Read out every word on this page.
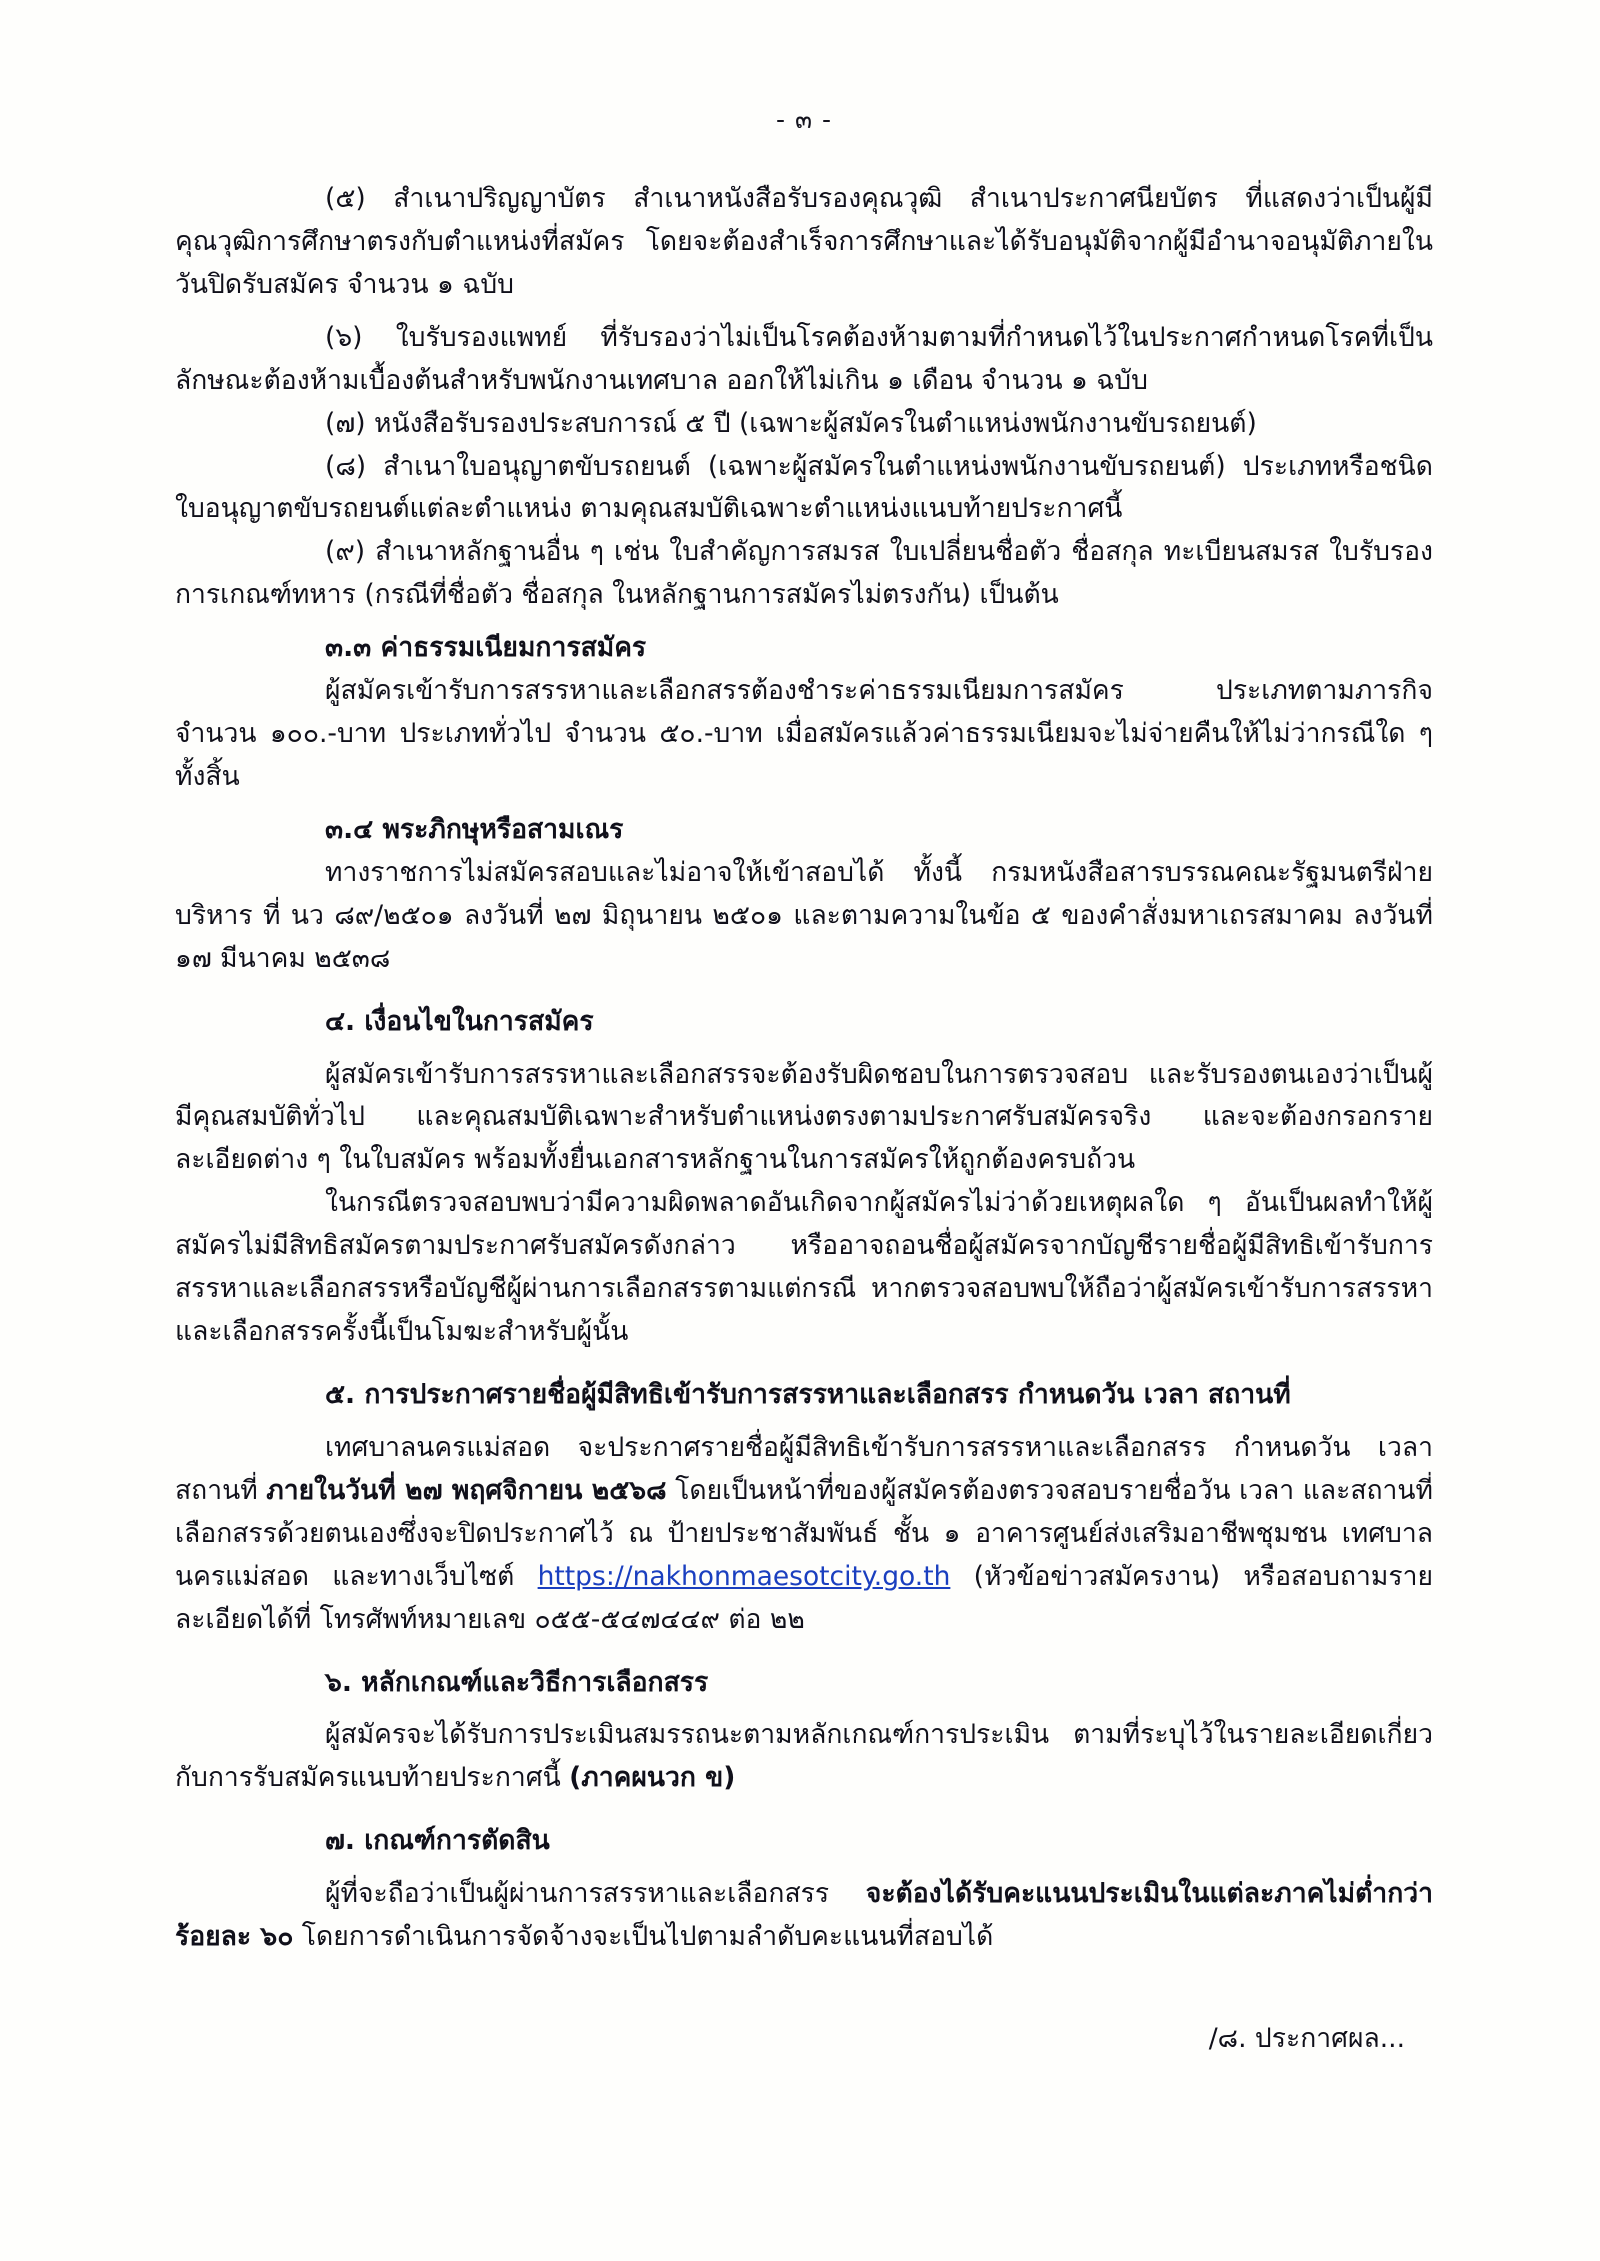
- ๓ -

(๕) สำเนาปริญญาบัตร สำเนาหนังสือรับรองคุณวุฒิ สำเนาประกาศนียบัตร ที่แสดงว่าเป็นผู้มีคุณวุฒิการศึกษาตรงกับตำแหน่งที่สมัคร โดยจะต้องสำเร็จการศึกษาและได้รับอนุมัติจากผู้มีอำนาจอนุมัติภายในวันปิดรับสมัคร จำนวน ๑ ฉบับ

(๖) ใบรับรองแพทย์ ที่รับรองว่าไม่เป็นโรคต้องห้ามตามที่กำหนดไว้ในประกาศกำหนดโรคที่เป็นลักษณะต้องห้ามเบื้องต้นสำหรับพนักงานเทศบาล ออกให้ไม่เกิน ๑ เดือน จำนวน ๑ ฉบับ

(๗) หนังสือรับรองประสบการณ์ ๕ ปี (เฉพาะผู้สมัครในตำแหน่งพนักงานขับรถยนต์)

(๘) สำเนาใบอนุญาตขับรถยนต์ (เฉพาะผู้สมัครในตำแหน่งพนักงานขับรถยนต์) ประเภทหรือชนิดใบอนุญาตขับรถยนต์แต่ละตำแหน่ง ตามคุณสมบัติเฉพาะตำแหน่งแนบท้ายประกาศนี้

(๙) สำเนาหลักฐานอื่น ๆ เช่น ใบสำคัญการสมรส ใบเปลี่ยนชื่อตัว ชื่อสกุล ทะเบียนสมรส ใบรับรองการเกณฑ์ทหาร (กรณีที่ชื่อตัว ชื่อสกุล ในหลักฐานการสมัครไม่ตรงกัน) เป็นต้น

๓.๓ ค่าธรรมเนียมการสมัคร

ผู้สมัครเข้ารับการสรรหาและเลือกสรรต้องชำระค่าธรรมเนียมการสมัคร ประเภทตามภารกิจ จำนวน ๑๐๐.-บาท ประเภททั่วไป จำนวน ๕๐.-บาท เมื่อสมัครแล้วค่าธรรมเนียมจะไม่จ่ายคืนให้ไม่ว่ากรณีใด ๆ ทั้งสิ้น

๓.๔ พระภิกษุหรือสามเณร

ทางราชการไม่สมัครสอบและไม่อาจให้เข้าสอบได้ ทั้งนี้ กรมหนังสือสารบรรณคณะรัฐมนตรีฝ่ายบริหาร ที่ นว ๘๙/๒๕๐๑ ลงวันที่ ๒๗ มิถุนายน ๒๕๐๑ และตามความในข้อ ๕ ของคำสั่งมหาเถรสมาคม ลงวันที่ ๑๗ มีนาคม ๒๕๓๘

๔. เงื่อนไขในการสมัคร

ผู้สมัครเข้ารับการสรรหาและเลือกสรรจะต้องรับผิดชอบในการตรวจสอบ และรับรองตนเองว่าเป็นผู้มีคุณสมบัติทั่วไป และคุณสมบัติเฉพาะสำหรับตำแหน่งตรงตามประกาศรับสมัครจริง และจะต้องกรอกรายละเอียดต่าง ๆ ในใบสมัคร พร้อมทั้งยื่นเอกสารหลักฐานในการสมัครให้ถูกต้องครบถ้วน

ในกรณีตรวจสอบพบว่ามีความผิดพลาดอันเกิดจากผู้สมัครไม่ว่าด้วยเหตุผลใด ๆ อันเป็นผลทำให้ผู้สมัครไม่มีสิทธิสมัครตามประกาศรับสมัครดังกล่าว หรืออาจถอนชื่อผู้สมัครจากบัญชีรายชื่อผู้มีสิทธิเข้ารับการสรรหาและเลือกสรรหรือบัญชีผู้ผ่านการเลือกสรรตามแต่กรณี หากตรวจสอบพบให้ถือว่าผู้สมัครเข้ารับการสรรหาและเลือกสรรครั้งนี้เป็นโมฆะสำหรับผู้นั้น

๕. การประกาศรายชื่อผู้มีสิทธิเข้ารับการสรรหาและเลือกสรร กำหนดวัน เวลา สถานที่

เทศบาลนครแม่สอด จะประกาศรายชื่อผู้มีสิทธิเข้ารับการสรรหาและเลือกสรร กำหนดวัน เวลา สถานที่ ภายในวันที่ ๒๗ พฤศจิกายน ๒๕๖๘ โดยเป็นหน้าที่ของผู้สมัครต้องตรวจสอบรายชื่อวัน เวลา และสถานที่ เลือกสรรด้วยตนเองซึ่งจะปิดประกาศไว้ ณ ป้ายประชาสัมพันธ์ ชั้น ๑ อาคารศูนย์ส่งเสริมอาชีพชุมชน เทศบาลนครแม่สอด และทางเว็บไซต์ https://nakhonmaesotcity.go.th (หัวข้อข่าวสมัครงาน) หรือสอบถามรายละเอียดได้ที่ โทรศัพท์หมายเลข ๐๕๕-๕๔๗๔๔๙ ต่อ ๒๒

๖. หลักเกณฑ์และวิธีการเลือกสรร

ผู้สมัครจะได้รับการประเมินสมรรถนะตามหลักเกณฑ์การประเมิน ตามที่ระบุไว้ในรายละเอียดเกี่ยวกับการรับสมัครแนบท้ายประกาศนี้ (ภาคผนวก ข)

๗. เกณฑ์การตัดสิน

ผู้ที่จะถือว่าเป็นผู้ผ่านการสรรหาและเลือกสรร จะต้องได้รับคะแนนประเมินในแต่ละภาคไม่ต่ำกว่าร้อยละ ๖๐ โดยการดำเนินการจัดจ้างจะเป็นไปตามลำดับคะแนนที่สอบได้

/๘. ประกาศผล...
